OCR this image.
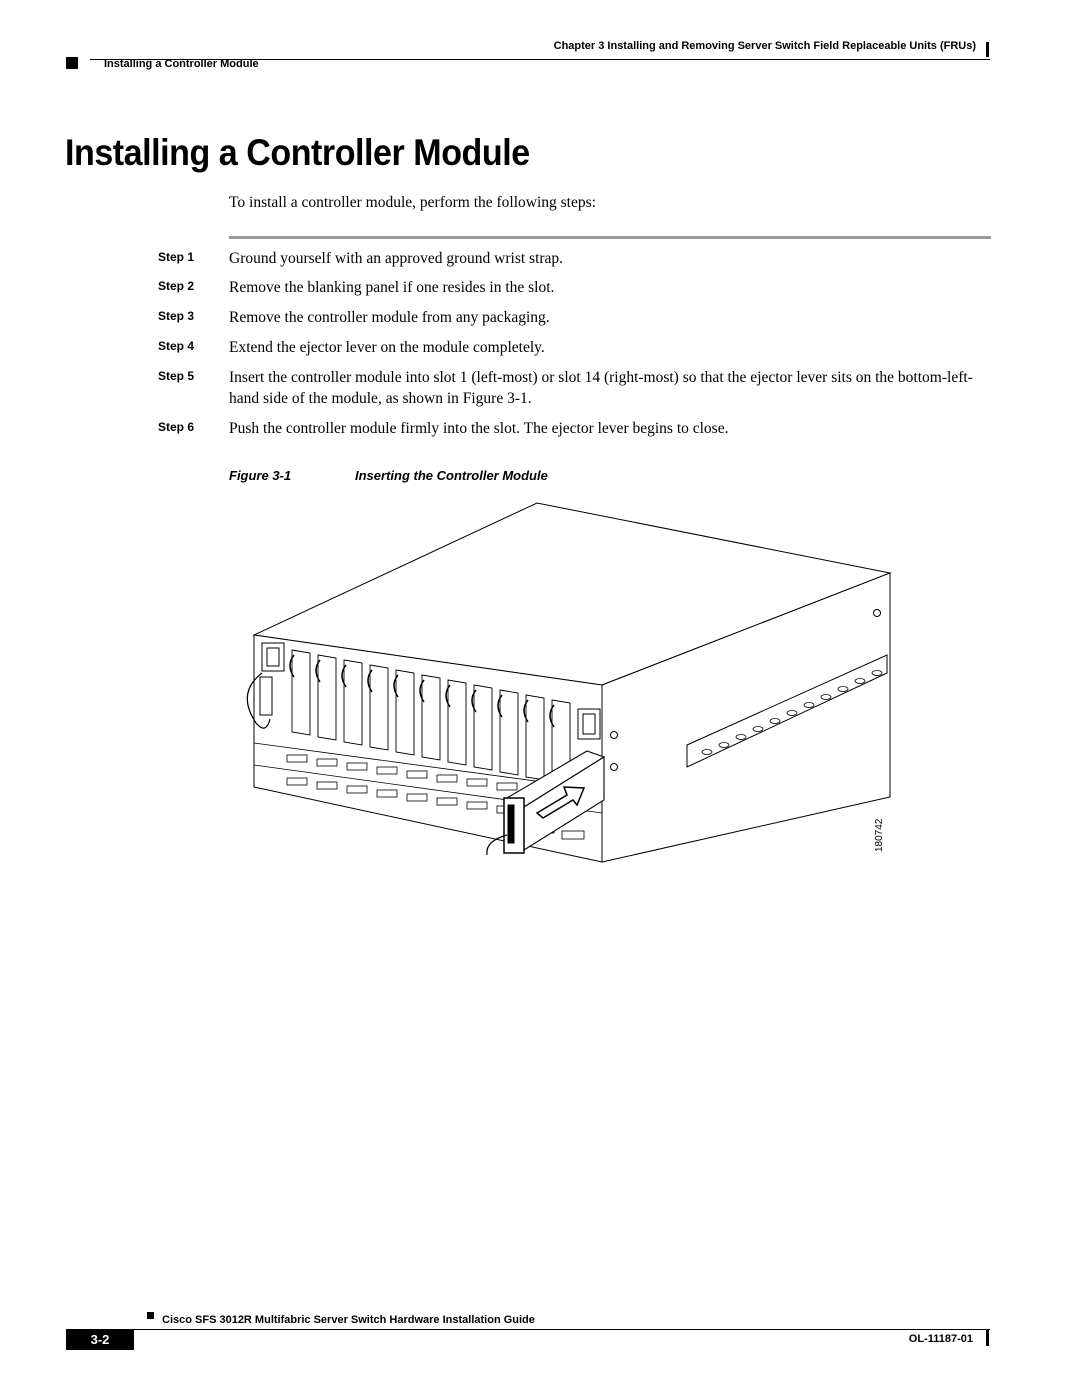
Chapter 3 Installing and Removing Server Switch Field Replaceable Units (FRUs)
Installing a Controller Module
Installing a Controller Module
To install a controller module, perform the following steps:
Step 1 Ground yourself with an approved ground wrist strap.
Step 2 Remove the blanking panel if one resides in the slot.
Step 3 Remove the controller module from any packaging.
Step 4 Extend the ejector lever on the module completely.
Step 5 Insert the controller module into slot 1 (left-most) or slot 14 (right-most) so that the ejector lever sits on the bottom-left-hand side of the module, as shown in Figure 3-1.
Step 6 Push the controller module firmly into the slot. The ejector lever begins to close.
Figure 3-1	Inserting the Controller Module
180742
Cisco SFS 3012R Multifabric Server Switch Hardware Installation Guide
3-2	OL-11187-01
